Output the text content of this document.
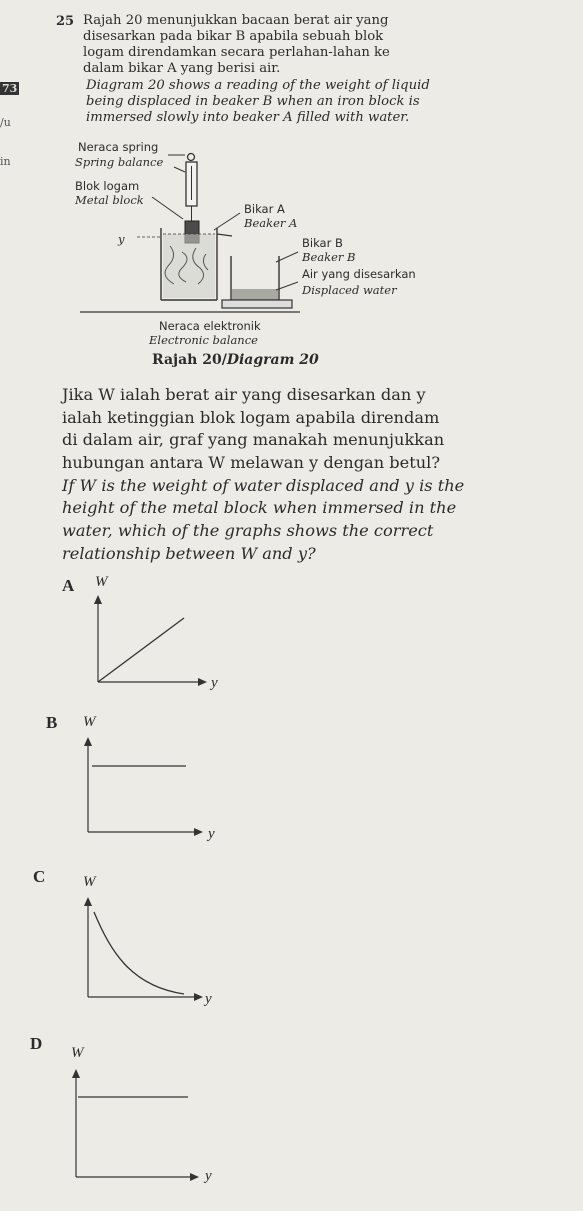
25 Rajah 20 menunjukkan bacaan berat air yang
disesarkan pada bikar B apabila sebuah blok
logam direndamkan secara perlahan-lahan ke
dalam bikar A yang berisi air.
Diagram 20 shows a reading of the weight of liquid
being displaced in beaker B when an iron block is
immersed slowly into beaker A filled with water.
73
/u
in
Neraca spring
Spring balance
Blok logam
Metal block
Bikar A
Beaker A
Bikar B
Beaker B
Air yang disesarkan
Displaced water
Neraca elektronik
Electronic balance
y
Rajah 20/Diagram 20
Jika W ialah berat air yang disesarkan dan y
ialah ketinggian blok logam apabila direndam
di dalam air, graf yang manakah menunjukkan
hubungan antara W melawan y dengan betul?
If W is the weight of water displaced and y is the
height of the metal block when immersed in the
water, which of the graphs shows the correct
relationship between W and y?
A W
y
B W
y
C	W
y
D W
y
